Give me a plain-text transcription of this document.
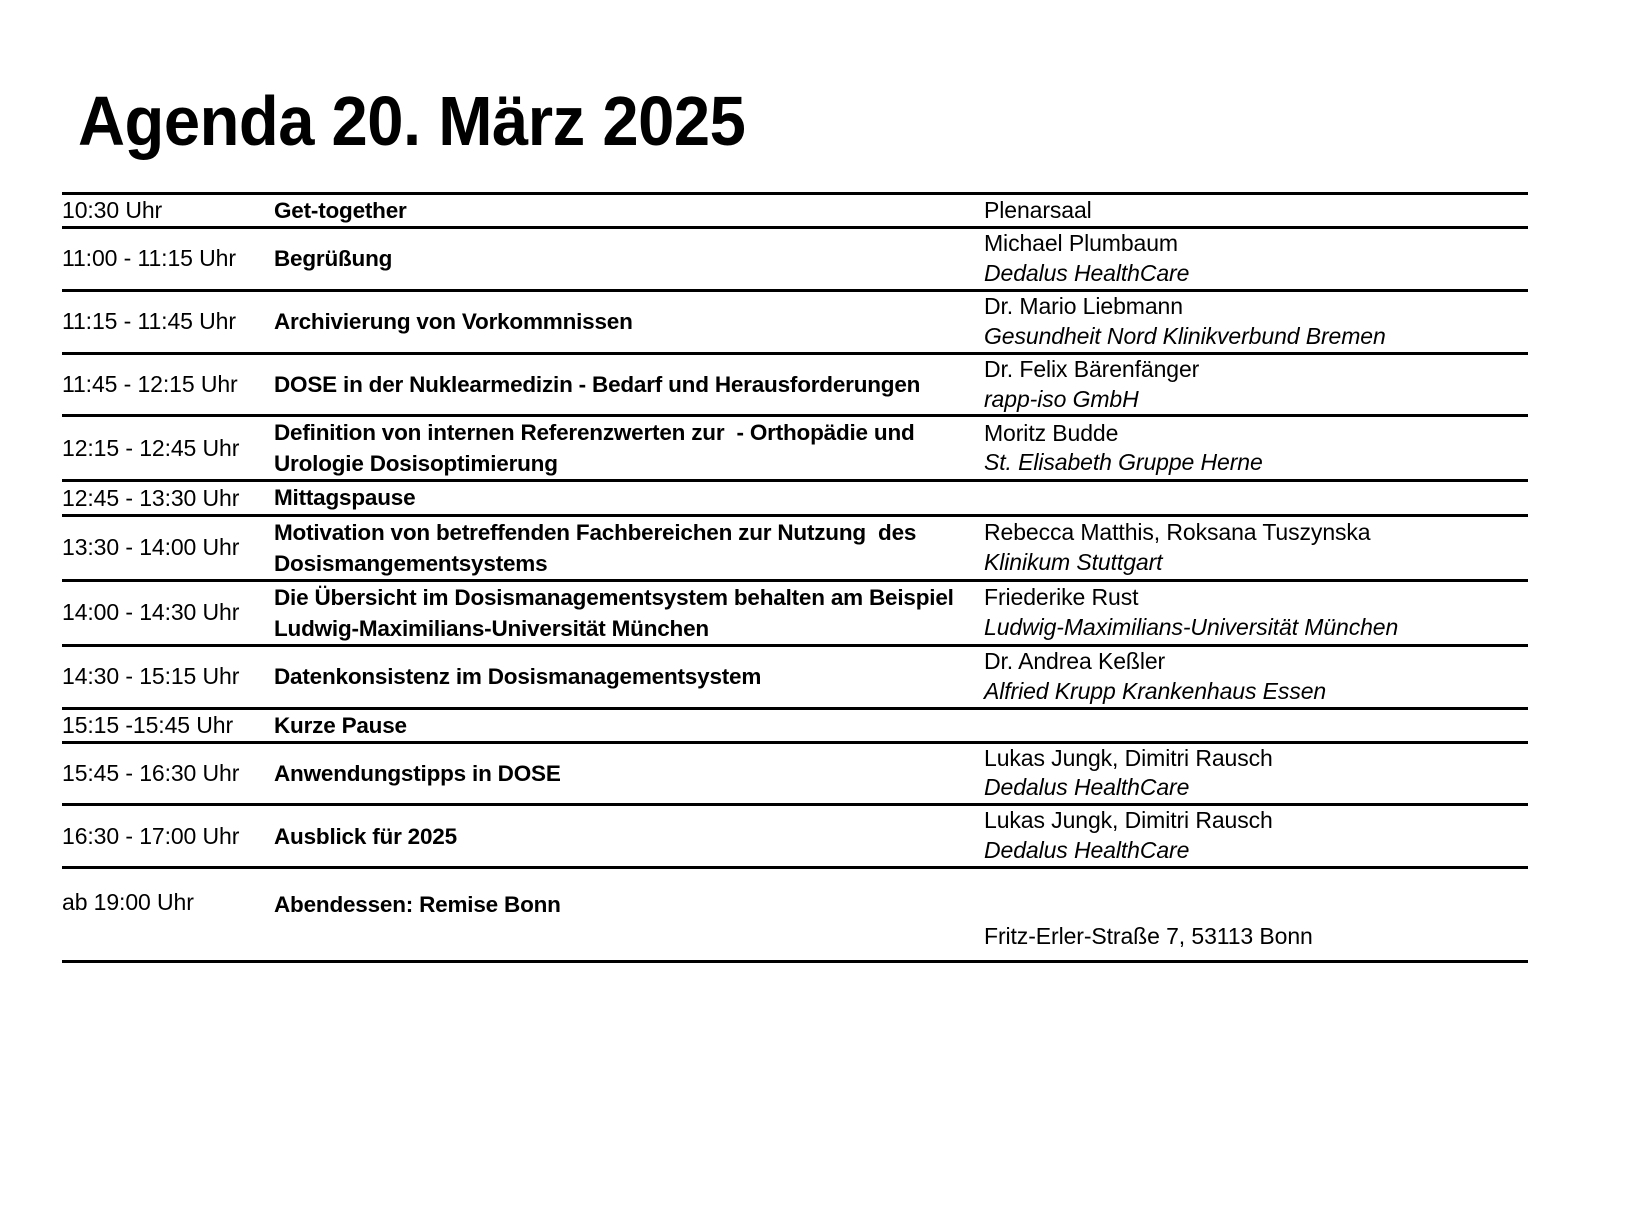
Agenda 20. März 2025
10:30 Uhr	Get-together	Plenarsaal

11:00 - 11:15 Uhr	Begrüßung	Michael Plumbaum
Dedalus HealthCare

11:15 - 11:45 Uhr	Archivierung von Vorkommnissen	Dr. Mario Liebmann
Gesundheit Nord Klinikverbund Bremen

11:45 - 12:15 Uhr	DOSE in der Nuklearmedizin - Bedarf und Herausforderungen	Dr. Felix Bärenfänger
rapp-iso GmbH

12:15 - 12:45 Uhr	Definition von internen Referenzwerten zur  - Orthopädie und Urologie Dosisoptimierung	Moritz Budde
St. Elisabeth Gruppe Herne

12:45 - 13:30 Uhr	Mittagspause	
13:30 - 14:00 Uhr	Motivation von betreffenden Fachbereichen zur Nutzung  des Dosismangementsystems	Rebecca Matthis, Roksana Tuszynska
Klinikum Stuttgart

14:00 - 14:30 Uhr	Die Übersicht im Dosismanagementsystem behalten am Beispiel Ludwig-Maximilians-Universität München	Friederike Rust
Ludwig-Maximilians-Universität München

14:30 - 15:15 Uhr	Datenkonsistenz im Dosismanagementsystem	Dr. Andrea Keßler
Alfried Krupp Krankenhaus Essen

15:15 -15:45 Uhr	Kurze Pause	
15:45 - 16:30 Uhr	Anwendungstipps in DOSE	Lukas Jungk, Dimitri Rausch
Dedalus HealthCare

16:30 - 17:00 Uhr	Ausblick für 2025	Lukas Jungk, Dimitri Rausch
Dedalus HealthCare

ab 19:00 Uhr	Abendessen: Remise Bonn	Fritz-Erler-Straße 7, 53113 Bonn
